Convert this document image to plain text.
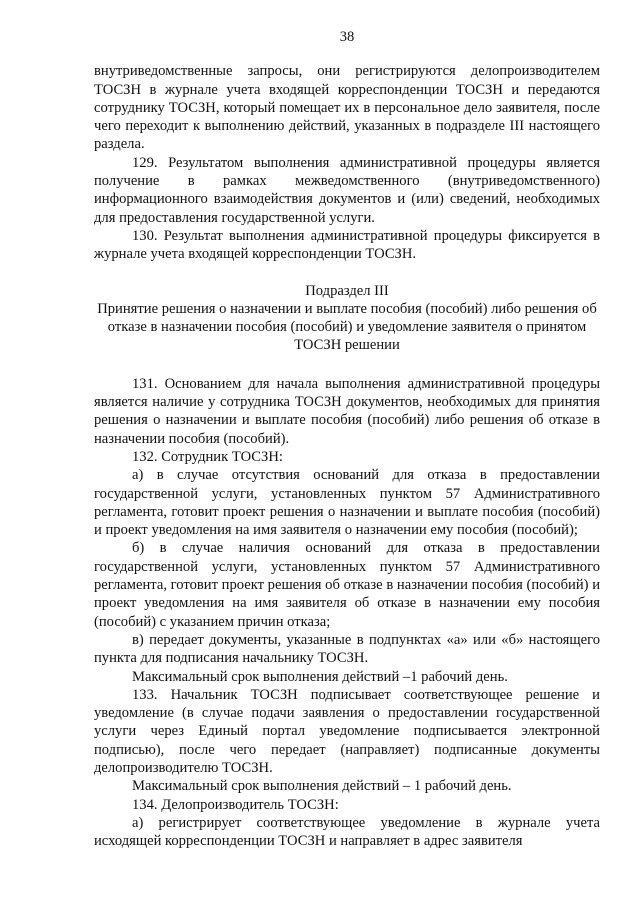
38

внутриведомственные запросы, они регистрируются делопроизводителем ТОСЗН в журнале учета входящей корреспонденции ТОСЗН и передаются сотруднику ТОСЗН, который помещает их в персональное дело заявителя, после чего переходит к выполнению действий, указанных в подразделе III настоящего раздела.

129. Результатом выполнения административной процедуры является получение в рамках межведомственного (внутриведомственного) информационного взаимодействия документов и (или) сведений, необходимых для предоставления государственной услуги.

130. Результат выполнения административной процедуры фиксируется в журнале учета входящей корреспонденции ТОСЗН.

Подраздел III

Принятие решения о назначении и выплате пособия (пособий) либо решения об отказе в назначении пособия (пособий) и уведомление заявителя о принятом ТОСЗН решении

131. Основанием для начала выполнения административной процедуры является наличие у сотрудника ТОСЗН документов, необходимых для принятия решения о назначении и выплате пособия (пособий) либо решения об отказе в назначении пособия (пособий).

132. Сотрудник ТОСЗН:

а) в случае отсутствия оснований для отказа в предоставлении государственной услуги, установленных пунктом 57 Административного регламента, готовит проект решения о назначении и выплате пособия (пособий) и проект уведомления на имя заявителя о назначении ему пособия (пособий);

б) в случае наличия оснований для отказа в предоставлении государственной услуги, установленных пунктом 57 Административного регламента, готовит проект решения об отказе в назначении пособия (пособий) и проект уведомления на имя заявителя об отказе в назначении ему пособия (пособий) с указанием причин отказа;

в) передает документы, указанные в подпунктах «а» или «б» настоящего пункта для подписания начальнику ТОСЗН.

Максимальный срок выполнения действий –1 рабочий день.

133. Начальник ТОСЗН подписывает соответствующее решение и уведомление (в случае подачи заявления о предоставлении государственной услуги через Единый портал уведомление подписывается электронной подписью), после чего передает (направляет) подписанные документы делопроизводителю ТОСЗН.

Максимальный срок выполнения действий – 1 рабочий день.

134. Делопроизводитель ТОСЗН:

а) регистрирует соответствующее уведомление в журнале учета исходящей корреспонденции ТОСЗН и направляет в адрес заявителя
